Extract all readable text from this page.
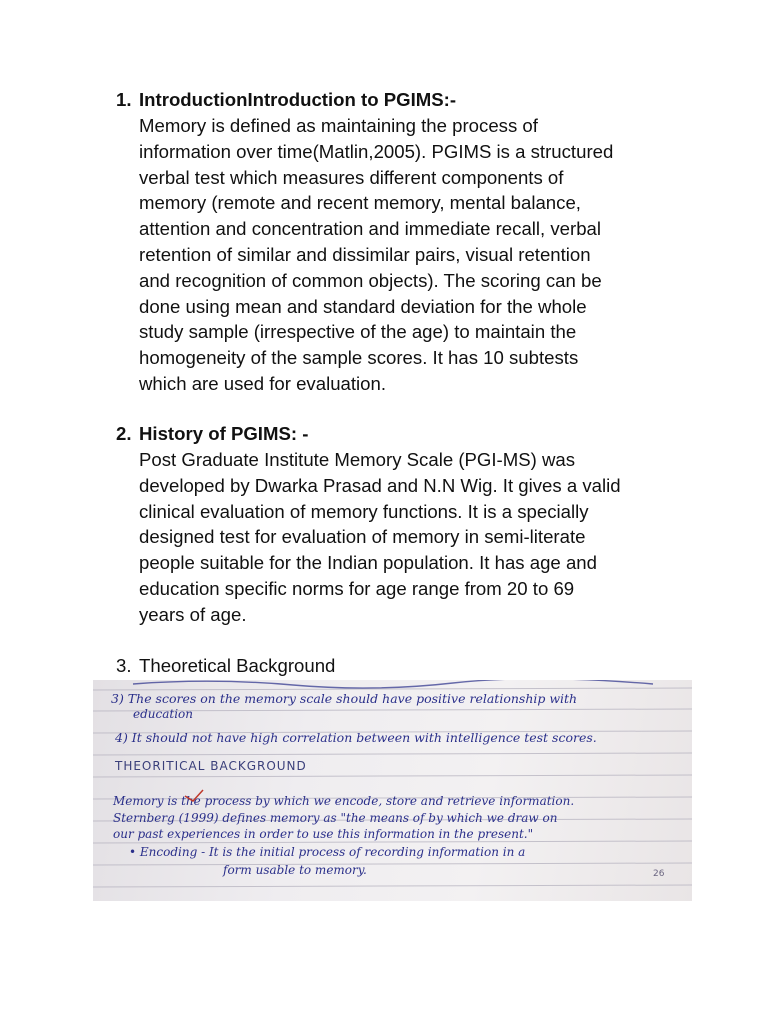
1. IntroductionIntroduction to PGIMS:-
Memory is defined as maintaining the process of
information over time(Matlin,2005). PGIMS is a structured
verbal test which measures different components of
memory (remote and recent memory, mental balance,
attention and concentration and immediate recall, verbal
retention of similar and dissimilar pairs, visual retention
and recognition of common objects). The scoring can be
done using mean and standard deviation for the whole
study sample (irrespective of the age) to maintain the
homogeneity of the sample scores. It has 10 subtests
which are used for evaluation.
2. History of PGIMS: -
Post Graduate Institute Memory Scale (PGI-MS) was
developed by Dwarka Prasad and N.N Wig. It gives a valid
clinical evaluation of memory functions. It is a specially
designed test for evaluation of memory in semi-literate
people suitable for the Indian population. It has age and
education specific norms for age range from 20 to 69
years of age.
3. Theoretical Background
3) The scores on the memory scale should have positive relationship with
education
4) It should not have high correlation between with intelligence test scores.
THEORITICAL BACKGROUND
Memory is the process by which we encode, store and retrieve information.
Sternberg (1999) defines memory as "the means of by which we draw on
our past experiences in order to use this information in the present."
• Encoding - It is the initial process of recording information in a
form usable to memory.	26
